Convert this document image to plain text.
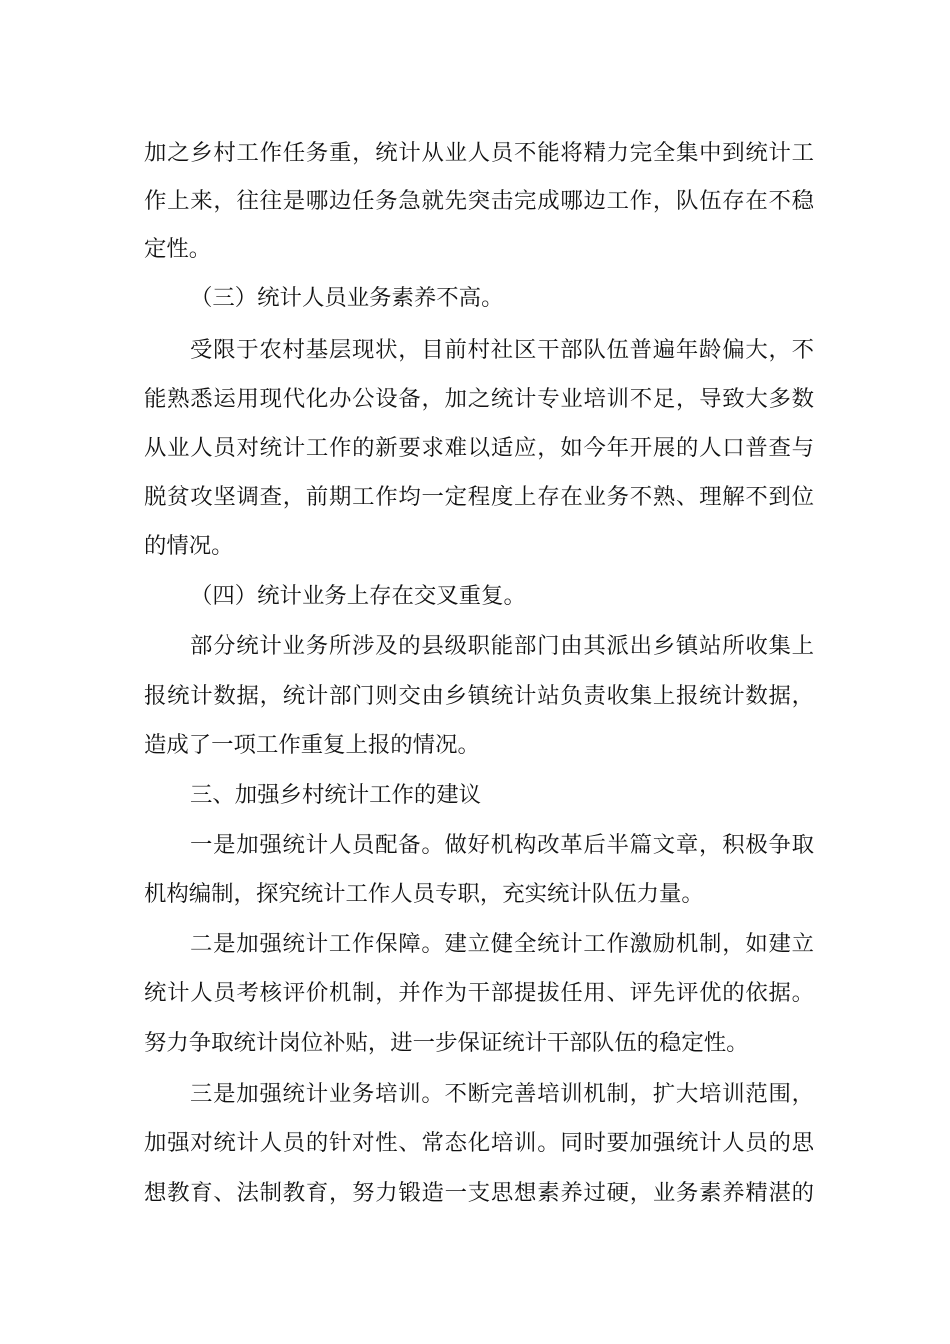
加之乡村工作任务重，统计从业人员不能将精力完全集中到统计工
作上来，往往是哪边任务急就先突击完成哪边工作，队伍存在不稳
定性。
（三）统计人员业务素养不高。
受限于农村基层现状，目前村社区干部队伍普遍年龄偏大，不
能熟悉运用现代化办公设备，加之统计专业培训不足，导致大多数
从业人员对统计工作的新要求难以适应，如今年开展的人口普查与
脱贫攻坚调查，前期工作均一定程度上存在业务不熟、理解不到位
的情况。
（四）统计业务上存在交叉重复。
部分统计业务所涉及的县级职能部门由其派出乡镇站所收集上
报统计数据，统计部门则交由乡镇统计站负责收集上报统计数据，
造成了一项工作重复上报的情况。
三、加强乡村统计工作的建议
一是加强统计人员配备。做好机构改革后半篇文章，积极争取
机构编制，探究统计工作人员专职，充实统计队伍力量。
二是加强统计工作保障。建立健全统计工作激励机制，如建立
统计人员考核评价机制，并作为干部提拔任用、评先评优的依据。
努力争取统计岗位补贴，进一步保证统计干部队伍的稳定性。
三是加强统计业务培训。不断完善培训机制，扩大培训范围，
加强对统计人员的针对性、常态化培训。同时要加强统计人员的思
想教育、法制教育，努力锻造一支思想素养过硬，业务素养精湛的
